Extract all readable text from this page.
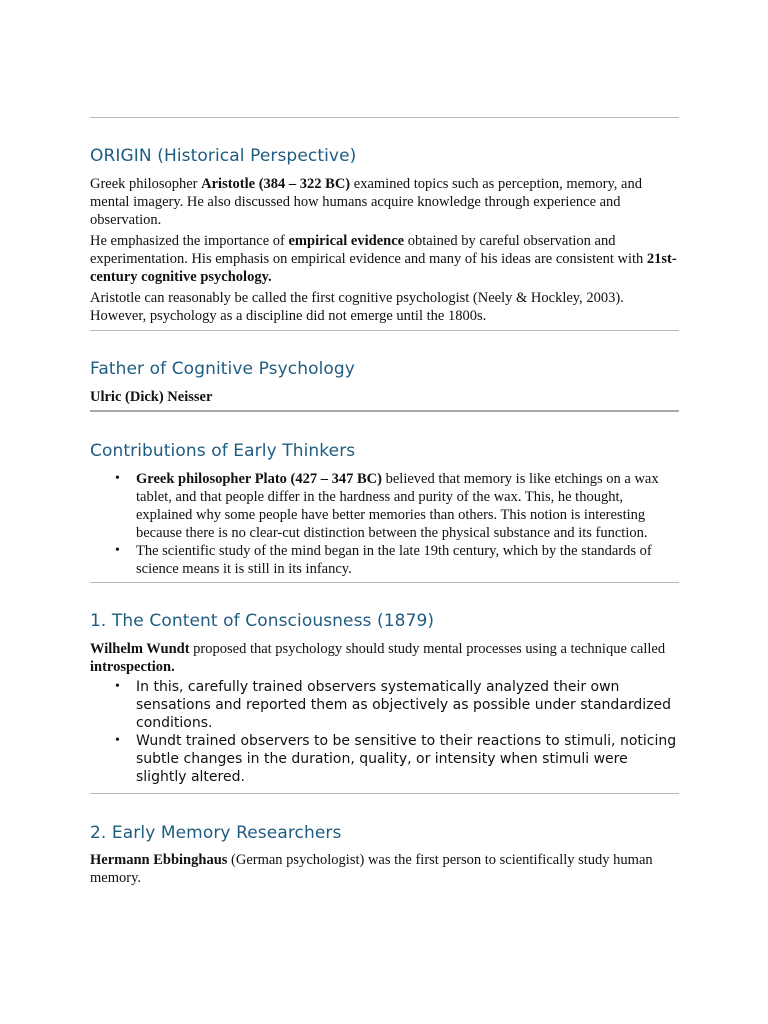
ORIGIN (Historical Perspective)

Greek philosopher Aristotle (384 – 322 BC) examined topics such as perception, memory, and mental imagery. He also discussed how humans acquire knowledge through experience and observation.

He emphasized the importance of empirical evidence obtained by careful observation and experimentation. His emphasis on empirical evidence and many of his ideas are consistent with 21st-century cognitive psychology.

Aristotle can reasonably be called the first cognitive psychologist (Neely & Hockley, 2003). However, psychology as a discipline did not emerge until the 1800s.

Father of Cognitive Psychology

Ulric (Dick) Neisser

Contributions of Early Thinkers
• Greek philosopher Plato (427 – 347 BC) believed that memory is like etchings on a wax tablet, and that people differ in the hardness and purity of the wax. This, he thought, explained why some people have better memories than others. This notion is interesting because there is no clear-cut distinction between the physical substance and its function.
• The scientific study of the mind began in the late 19th century, which by the standards of science means it is still in its infancy.
1. The Content of Consciousness (1879)

Wilhelm Wundt proposed that psychology should study mental processes using a technique called introspection.

• In this, carefully trained observers systematically analyzed their own sensations and reported them as objectively as possible under standardized conditions.
• Wundt trained observers to be sensitive to their reactions to stimuli, noticing subtle changes in the duration, quality, or intensity when stimuli were slightly altered.
2. Early Memory Researchers

Hermann Ebbinghaus (German psychologist) was the first person to scientifically study human memory.
